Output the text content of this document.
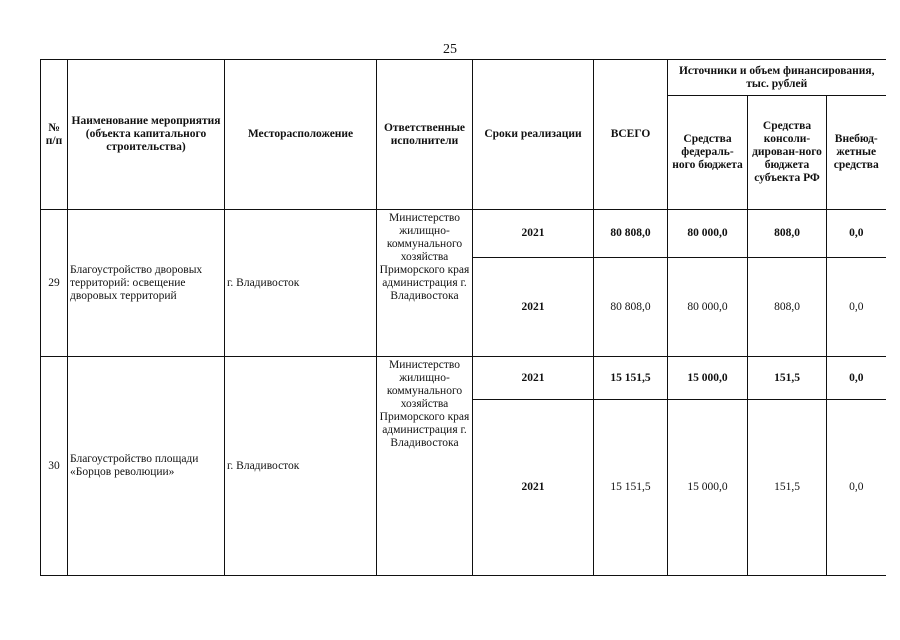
25
№ п/п	Наименование мероприятия (объекта капитального строительства)	Месторасположение	Ответственные исполнители	Сроки реализации	ВСЕГО	Источники и объем финансирования, тыс. рублей		
						Средства федераль-ного бюджета	Средства консоли-дирован-ного бюджета субъекта РФ	Внебюд-жетные средства
29	Благоустройство дворовых территорий: освещение дворовых территорий	г. Владивосток	Министерство жилищно-коммунального хозяйства Приморского края администрация г. Владивостока	2021	80 808,0	80 000,0	808,0	0,0
				2021	80 808,0	80 000,0	808,0	0,0
30	Благоустройство площади «Борцов революции»	г. Владивосток	Министерство жилищно-коммунального хозяйства Приморского края администрация г. Владивостока	2021	15 151,5	15 000,0	151,5	0,0
				2021	15 151,5	15 000,0	151,5	0,0
